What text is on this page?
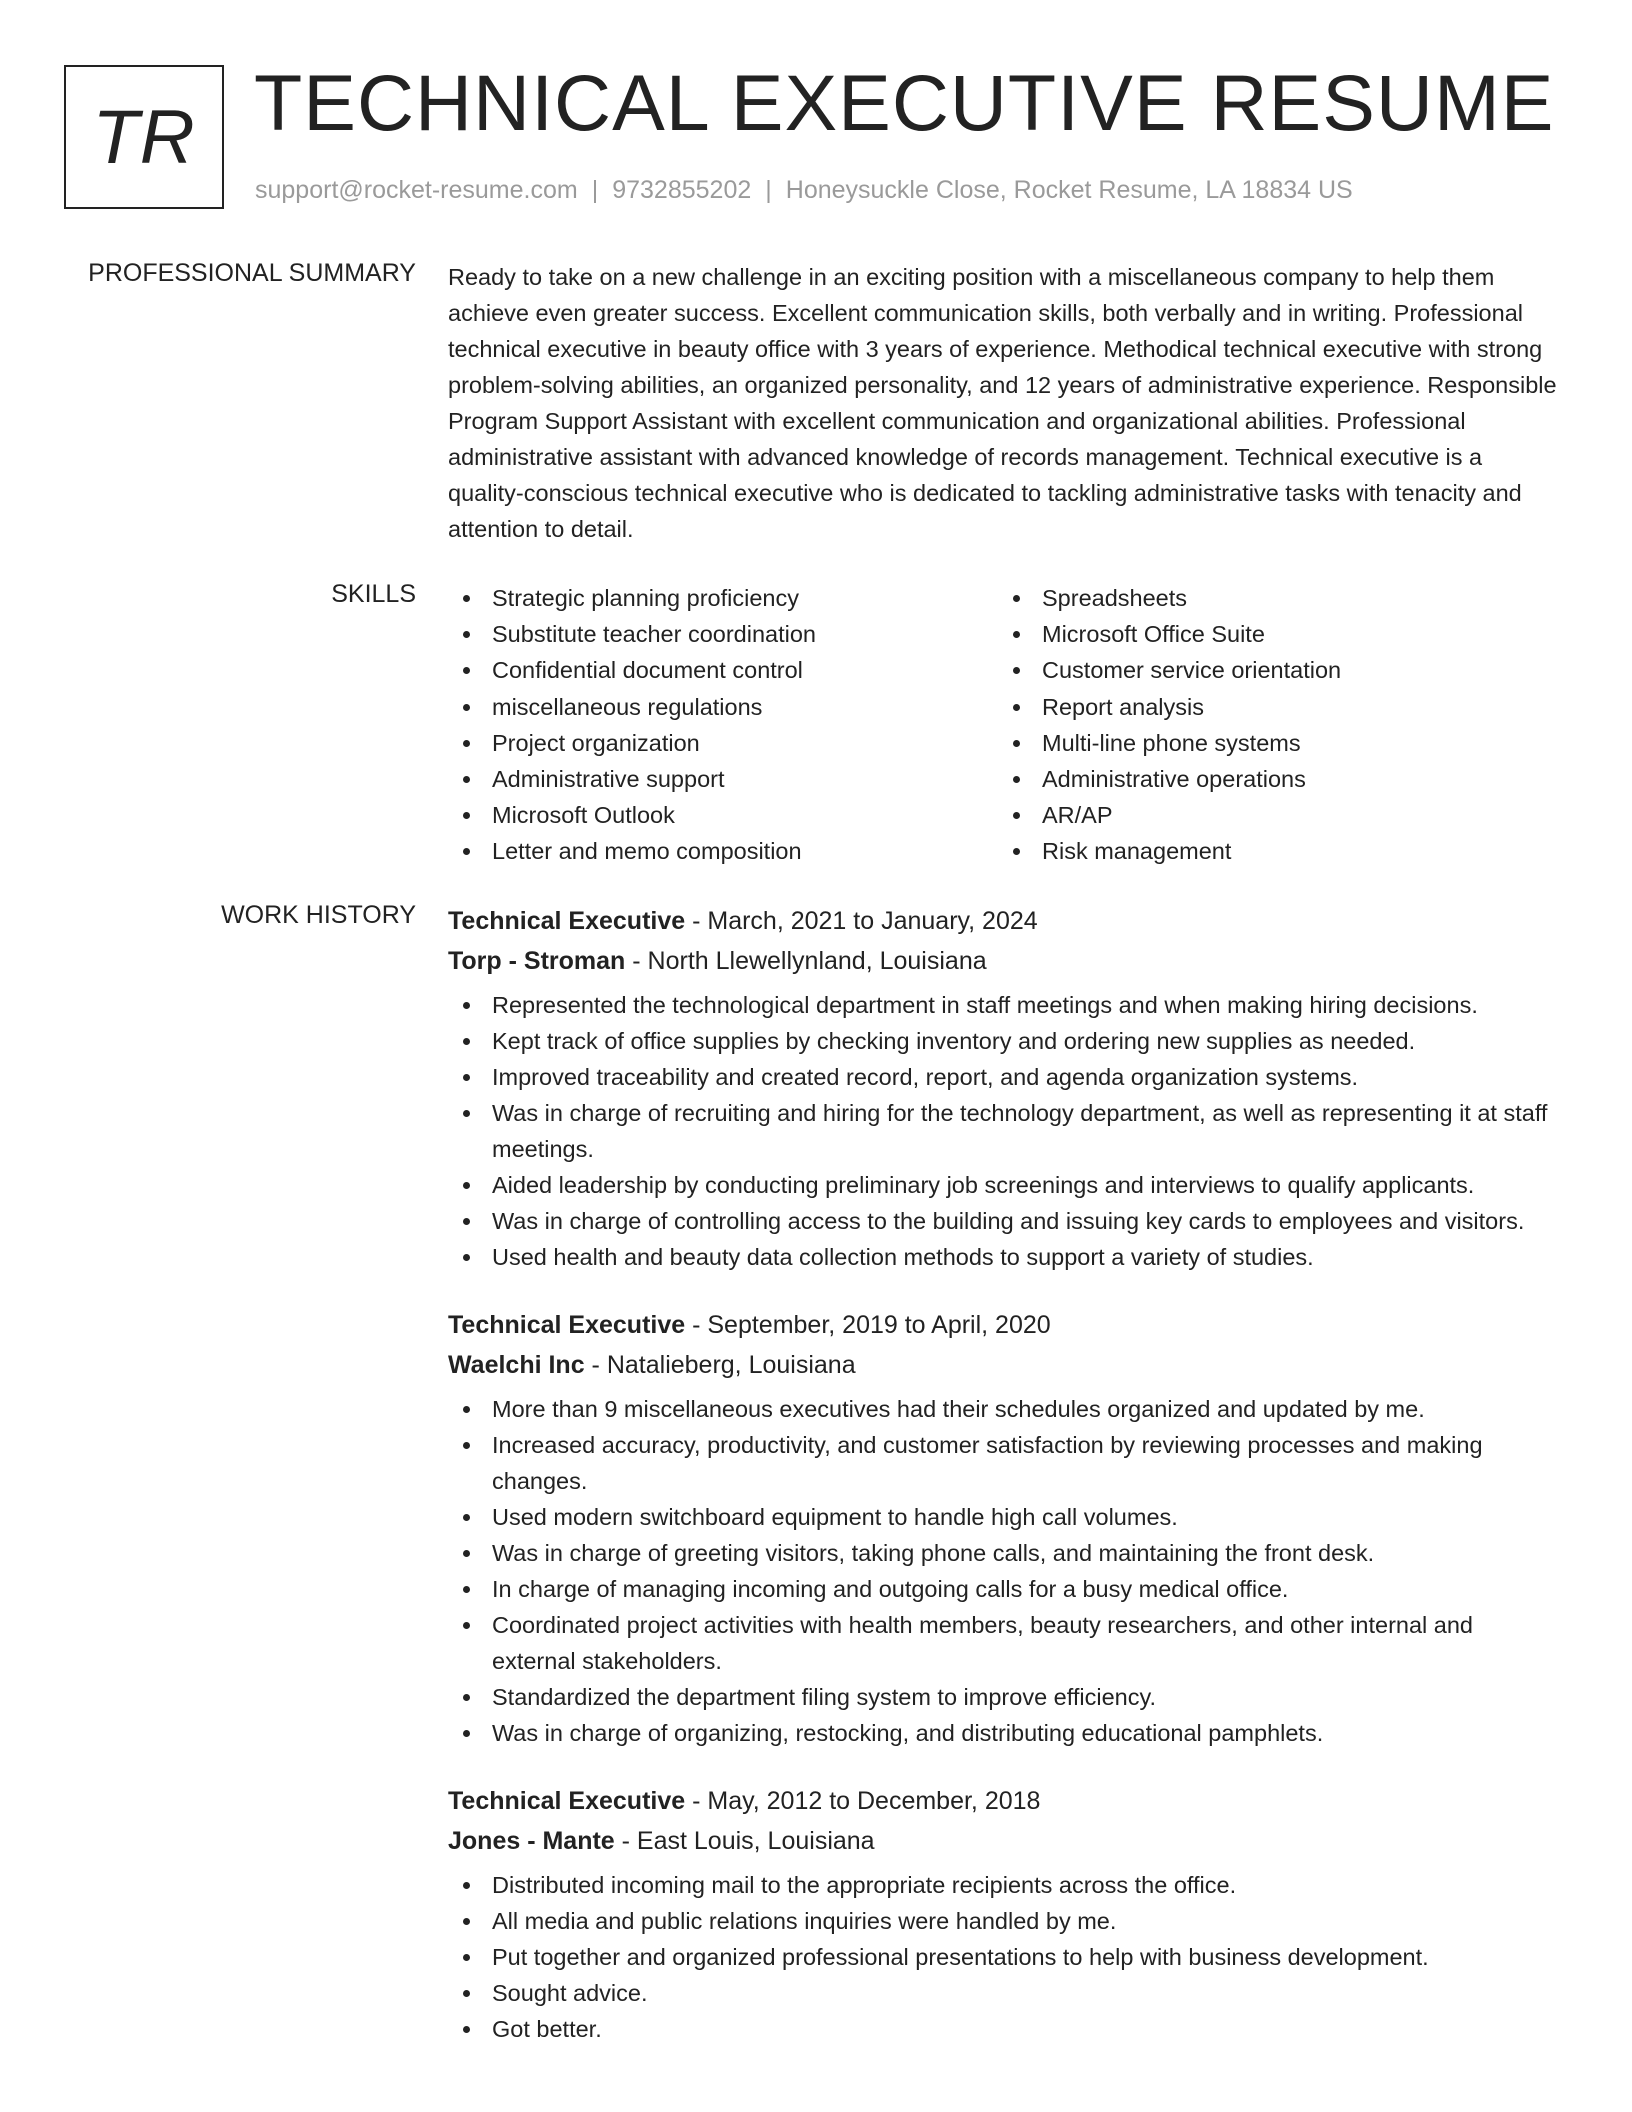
TR TECHNICAL EXECUTIVE RESUME
support@rocket-resume.com | 9732855202 | Honeysuckle Close, Rocket Resume, LA 18834 US
PROFESSIONAL SUMMARY Ready to take on a new challenge in an exciting position with a miscellaneous company to help them achieve even greater success. Excellent communication skills, both verbally and in writing. Professional technical executive in beauty office with 3 years of experience. Methodical technical executive with strong problem-solving abilities, an organized personality, and 12 years of administrative experience. Responsible Program Support Assistant with excellent communication and organizational abilities. Professional administrative assistant with advanced knowledge of records management. Technical executive is a quality-conscious technical executive who is dedicated to tackling administrative tasks with tenacity and attention to detail.

SKILLS	Strategic planning proficiency
Substitute teacher coordination
Confidential document control
miscellaneous regulations
Project organization
Administrative support
Microsoft Outlook
Letter and memo composition
Spreadsheets
Microsoft Office Suite
Customer service orientation
Report analysis
Multi-line phone systems
Administrative operations
AR/AP
Risk management
WORK HISTORY Technical Executive - March, 2021 to January, 2024
Torp - Stroman - North Llewellynland, Louisiana
Represented the technological department in staff meetings and when making hiring decisions.
Kept track of office supplies by checking inventory and ordering new supplies as needed.
Improved traceability and created record, report, and agenda organization systems.
Was in charge of recruiting and hiring for the technology department, as well as representing it at staff meetings.
Aided leadership by conducting preliminary job screenings and interviews to qualify applicants.
Was in charge of controlling access to the building and issuing key cards to employees and visitors.
Used health and beauty data collection methods to support a variety of studies.
Technical Executive - September, 2019 to April, 2020
Waelchi Inc - Natalieberg, Louisiana
More than 9 miscellaneous executives had their schedules organized and updated by me.
Increased accuracy, productivity, and customer satisfaction by reviewing processes and making changes.
Used modern switchboard equipment to handle high call volumes.
Was in charge of greeting visitors, taking phone calls, and maintaining the front desk.
In charge of managing incoming and outgoing calls for a busy medical office.
Coordinated project activities with health members, beauty researchers, and other internal and external stakeholders.
Standardized the department filing system to improve efficiency.
Was in charge of organizing, restocking, and distributing educational pamphlets.
Technical Executive - May, 2012 to December, 2018
Jones - Mante - East Louis, Louisiana
Distributed incoming mail to the appropriate recipients across the office.
All media and public relations inquiries were handled by me.
Put together and organized professional presentations to help with business development.
Sought advice.
Got better.
